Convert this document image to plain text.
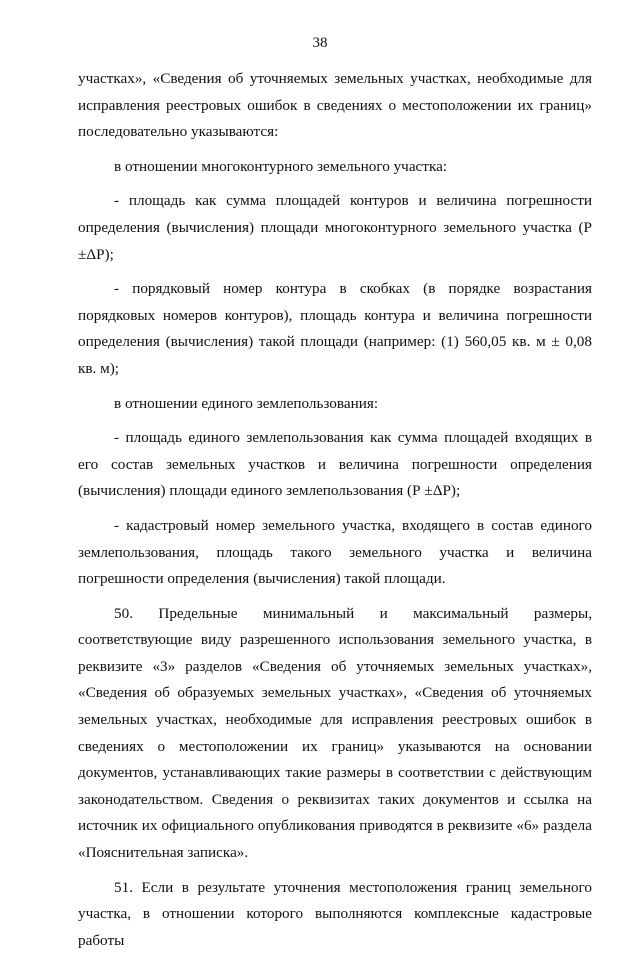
38

участках», «Сведения об уточняемых земельных участках, необходимые для исправления реестровых ошибок в сведениях о местоположении их границ» последовательно указываются:

в отношении многоконтурного земельного участка:

- площадь как сумма площадей контуров и величина погрешности определения (вычисления) площади многоконтурного земельного участка (Р ±ΔР);

- порядковый номер контура в скобках (в порядке возрастания порядковых номеров контуров), площадь контура и величина погрешности определения (вычисления) такой площади (например: (1) 560,05 кв. м ± 0,08 кв. м);

в отношении единого землепользования:

- площадь единого землепользования как сумма площадей входящих в его состав земельных участков и величина погрешности определения (вычисления) площади единого землепользования (Р ±ΔР);

- кадастровый номер земельного участка, входящего в состав единого землепользования, площадь такого земельного участка и величина погрешности определения (вычисления) такой площади.

50. Предельные минимальный и максимальный размеры, соответствующие виду разрешенного использования земельного участка, в реквизите «3» разделов «Сведения об уточняемых земельных участках», «Сведения об образуемых земельных участках», «Сведения об уточняемых земельных участках, необходимые для исправления реестровых ошибок в сведениях о местоположении их границ» указываются на основании документов, устанавливающих такие размеры в соответствии с действующим законодательством. Сведения о реквизитах таких документов и ссылка на источник их официального опубликования приводятся в реквизите «6» раздела «Пояснительная записка».

51. Если в результате уточнения местоположения границ земельного участка, в отношении которого выполняются комплексные кадастровые работы
